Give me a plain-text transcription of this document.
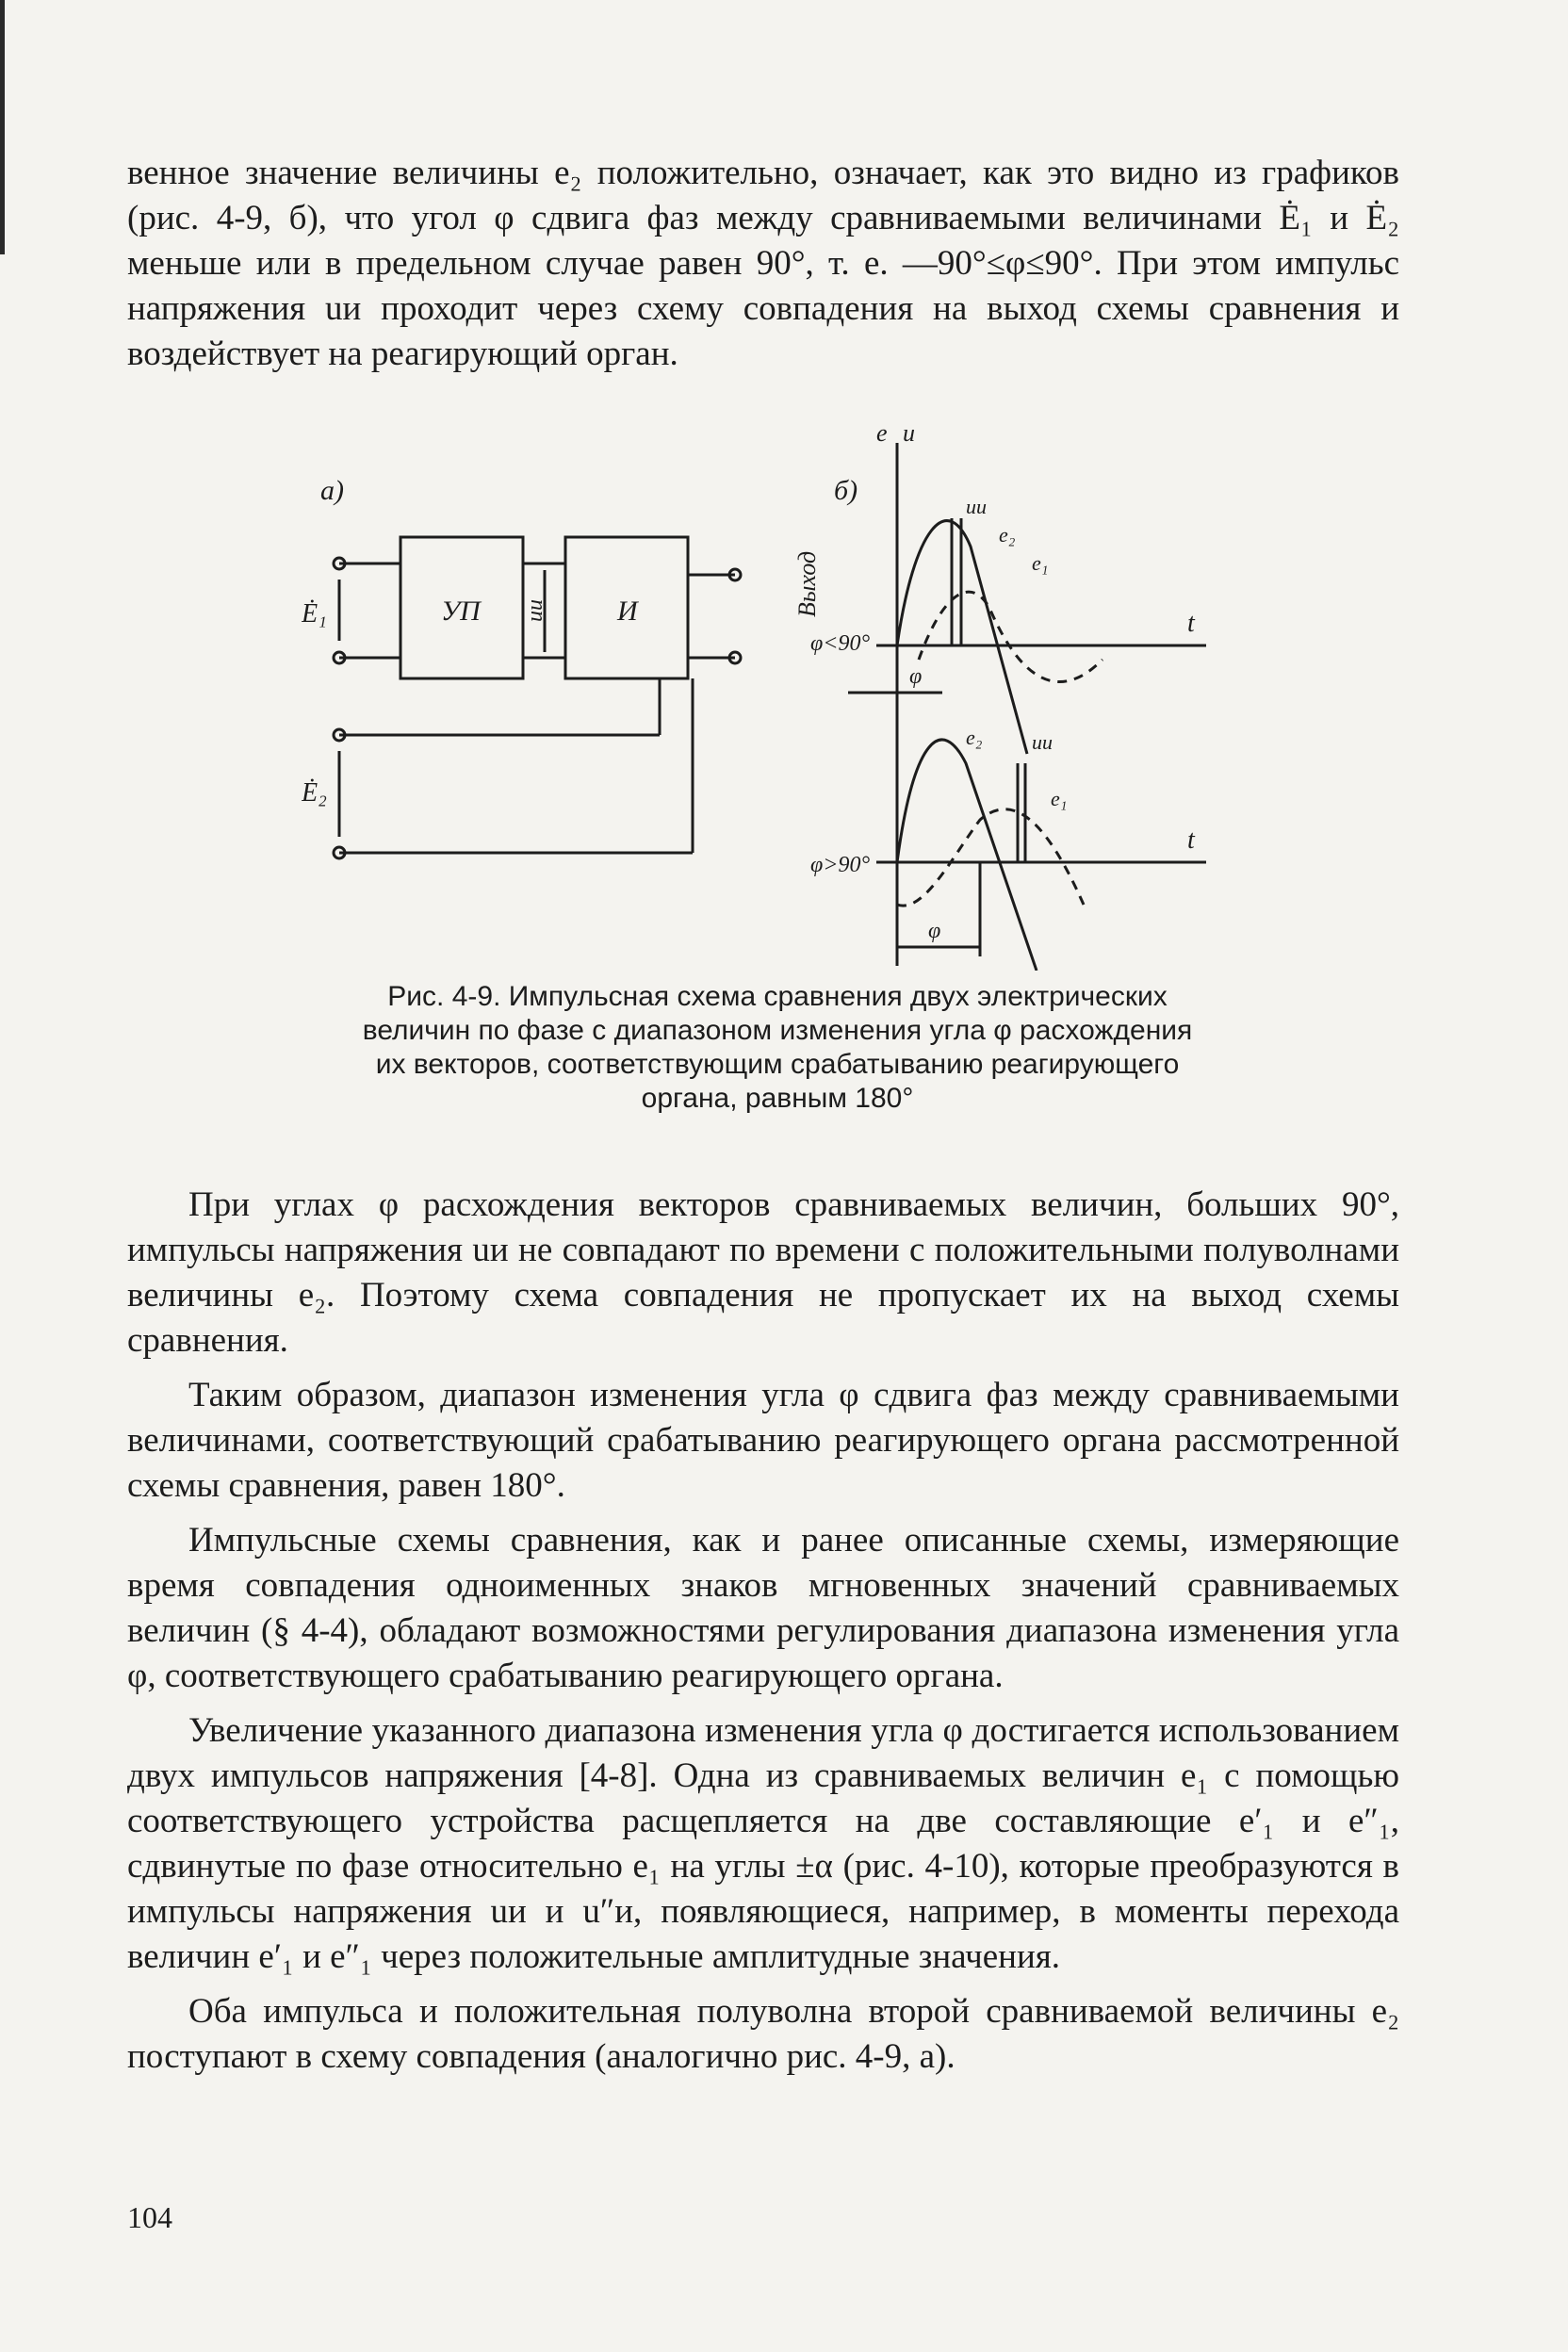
венное значение величины e₂ положительно, означает, как это видно из графиков (рис. 4-9, б), что угол φ сдвига фаз между сравниваемыми величинами Ė₁ и Ė₂ меньше или в предельном случае равен 90°, т. е. —90°≤φ≤90°. При этом импульс напряжения uи проходит через схему совпадения на выход схемы сравнения и воздействует на реагирующий орган.

а)
УП	И
uи
Ė₁
Ė₂
Выход
б)
e u
t
t
φ<90°
φ>90°
φ
φ
uи
uи
e₂
e₂
e₁
e₁
Рис. 4-9. Импульсная схема сравнения двух электрических
величин по фазе с диапазоном изменения угла φ расхождения
их векторов, соответствующим срабатыванию реагирующего
органа, равным 180°

При углах φ расхождения векторов сравниваемых величин, больших 90°, импульсы напряжения uи не совпадают по времени с положительными полуволнами величины e₂. Поэтому схема совпадения не пропускает их на выход схемы сравнения.

Таким образом, диапазон изменения угла φ сдвига фаз между сравниваемыми величинами, соответствующий срабатыванию реагирующего органа рассмотренной схемы сравнения, равен 180°.

Импульсные схемы сравнения, как и ранее описанные схемы, измеряющие время совпадения одноименных знаков мгновенных значений сравниваемых величин (§ 4-4), обладают возможностями регулирования диапазона изменения угла φ, соответствующего срабатыванию реагирующего органа.

Увеличение указанного диапазона изменения угла φ достигается использованием двух импульсов напряжения [4-8]. Одна из сравниваемых величин e₁ с помощью соответствующего устройства расщепляется на две составляющие e′₁ и e″₁, сдвинутые по фазе относительно e₁ на углы ±α (рис. 4-10), которые преобразуются в импульсы напряжения uи и u″и, появляющиеся, например, в моменты перехода величин e′₁ и e″₁ через положительные амплитудные значения.

Оба импульса и положительная полуволна второй сравниваемой величины e₂ поступают в схему совпадения (аналогично рис. 4-9, а).

104
